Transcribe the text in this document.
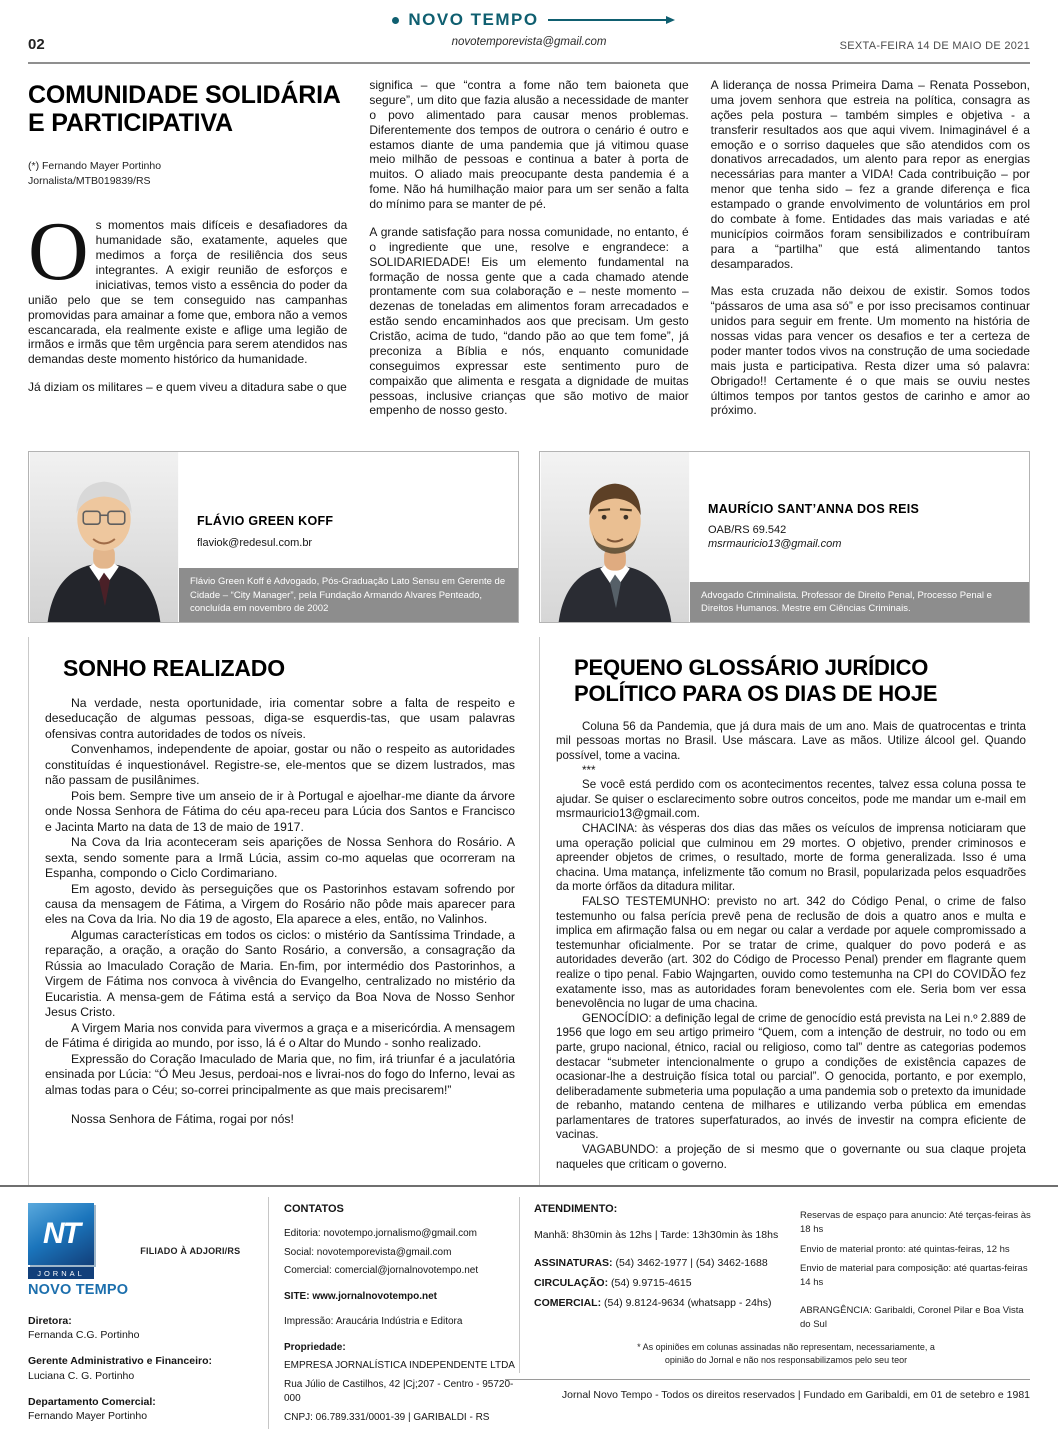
NOVO TEMPO
02	novotemporevista@gmail.com	SEXTA-FEIRA 14 DE MAIO DE 2021
COMUNIDADE SOLIDÁRIA
E PARTICIPATIVA
(*) Fernando Mayer Portinho
Jornalista/MTB019839/RS

Os momentos mais difíceis e desafiadores da humanidade são, exatamente, aqueles que medimos a força de resiliência dos seus integrantes. A exigir reunião de esforços e iniciativas, temos visto a essência do poder da união pelo que se tem conseguido nas campanhas promovidas para amainar a fome que, embora não a vemos escancarada, ela realmente existe e aflige uma legião de irmãos e irmãs que têm urgência para serem atendidos nas demandas deste momento histórico da humanidade.

Já diziam os militares – e quem viveu a ditadura sabe o que

significa – que “contra a fome não tem baioneta que segure”, um dito que fazia alusão a necessidade de manter o povo alimentado para causar menos problemas. Diferentemente dos tempos de outrora o cenário é outro e estamos diante de uma pandemia que já vitimou quase meio milhão de pessoas e continua a bater à porta de muitos. O aliado mais preocupante desta pandemia é a fome. Não há humilhação maior para um ser senão a falta do mínimo para se manter de pé.

A grande satisfação para nossa comunidade, no entanto, é o ingrediente que une, resolve e engrandece: a SOLIDARIEDADE! Eis um elemento fundamental na formação de nossa gente que a cada chamado atende prontamente com sua colaboração e – neste momento – dezenas de toneladas em alimentos foram arrecadados e estão sendo encaminhados aos que precisam. Um gesto Cristão, acima de tudo, “dando pão ao que tem fome”, já preconiza a Bíblia e nós, enquanto comunidade conseguimos expressar este sentimento puro de compaixão que alimenta e resgata a dignidade de muitas pessoas, inclusive crianças que são motivo de maior empenho de nosso gesto.

A liderança de nossa Primeira Dama – Renata Possebon, uma jovem senhora que estreia na política, consagra as ações pela postura – também simples e objetiva - a transferir resultados aos que aqui vivem. Inimaginável é a emoção e o sorriso daqueles que são atendidos com os donativos arrecadados, um alento para repor as energias necessárias para manter a VIDA! Cada contribuição – por menor que tenha sido – fez a grande diferença e fica estampado o grande envolvimento de voluntários em prol do combate à fome. Entidades das mais variadas e até municípios coirmãos foram sensibilizados e contribuíram para a “partilha” que está alimentando tantos desamparados.

Mas esta cruzada não deixou de existir. Somos todos “pássaros de uma asa só” e por isso precisamos continuar unidos para seguir em frente. Um momento na história de nossas vidas para vencer os desafios e ter a certeza de poder manter todos vivos na construção de uma sociedade mais justa e participativa. Resta dizer uma só palavra: Obrigado!! Certamente é o que mais se ouviu nestes últimos tempos por tantos gestos de carinho e amor ao próximo.

FLÁVIO GREEN KOFF
flaviok@redesul.com.br
Flávio Green Koff é Advogado, Pós-Graduação Lato Sensu em Gerente de Cidade – “City Manager”, pela Fundação Armando Alvares Penteado, concluída em novembro de 2002
MAURÍCIO SANT’ANNA DOS REIS
OAB/RS 69.542
msrmauricio13@gmail.com
Advogado Criminalista. Professor de Direito Penal, Processo Penal e Direitos Humanos. Mestre em Ciências Criminais.
SONHO REALIZADO

Na verdade, nesta oportunidade, iria comentar sobre a falta de respeito e deseducação de algumas pessoas, diga-se esquerdis-tas, que usam palavras ofensivas contra autoridades de todos os níveis.

Convenhamos, independente de apoiar, gostar ou não o respeito as autoridades constituídas é inquestionável. Registre-se, ele-mentos que se dizem lustrados, mas não passam de pusilânimes.

Pois bem. Sempre tive um anseio de ir à Portugal e ajoelhar-me diante da árvore onde Nossa Senhora de Fátima do céu apa-receu para Lúcia dos Santos e Francisco e Jacinta Marto na data de 13 de maio de 1917.

Na Cova da Iria aconteceram seis aparições de Nossa Senhora do Rosário. A sexta, sendo somente para a Irmã Lúcia, assim co-mo aquelas que ocorreram na Espanha, compondo o Ciclo Cordimariano.

Em agosto, devido às perseguições que os Pastorinhos estavam sofrendo por causa da mensagem de Fátima, a Virgem do Rosário não pôde mais aparecer para eles na Cova da Iria. No dia 19 de agosto, Ela aparece a eles, então, no Valinhos.

Algumas características em todos os ciclos: o mistério da Santíssima Trindade, a reparação, a oração, a oração do Santo Rosário, a conversão, a consagração da Rússia ao Imaculado Coração de Maria. En-fim, por intermédio dos Pastorinhos, a Virgem de Fátima nos convoca à vivência do Evangelho, centralizado no mistério da Eucaristia. A mensa-gem de Fátima está a serviço da Boa Nova de Nosso Senhor Jesus Cristo.

A Virgem Maria nos convida para vivermos a graça e a misericórdia. A mensagem de Fátima é dirigida ao mundo, por isso, lá é o Altar do Mundo - sonho realizado.

Expressão do Coração Imaculado de Maria que, no fim, irá triunfar é a jaculatória ensinada por Lúcia: “Ó Meu Jesus, perdoai-nos e livrai-nos do fogo do Inferno, levai as almas todas para o Céu; so-correi principalmente as que mais precisarem!”

Nossa Senhora de Fátima, rogai por nós!

PEQUENO GLOSSÁRIO JURÍDICO
POLÍTICO PARA OS DIAS DE HOJE

Coluna 56 da Pandemia, que já dura mais de um ano. Mais de quatrocentas e trinta mil pessoas mortas no Brasil. Use máscara. Lave as mãos. Utilize álcool gel. Quando possível, tome a vacina.

***

Se você está perdido com os acontecimentos recentes, talvez essa coluna possa te ajudar. Se quiser o esclarecimento sobre outros conceitos, pode me mandar um e-mail em msrmauricio13@gmail.com.

CHACINA: às vésperas dos dias das mães os veículos de imprensa noticiaram que uma operação policial que culminou em 29 mortes. O objetivo, prender criminosos e apreender objetos de crimes, o resultado, morte de forma generalizada. Isso é uma chacina. Uma matança, infelizmente tão comum no Brasil, popularizada pelos esquadrões da morte órfãos da ditadura militar.

FALSO TESTEMUNHO: previsto no art. 342 do Código Penal, o crime de falso testemunho ou falsa perícia prevê pena de reclusão de dois a quatro anos e multa e implica em afirmação falsa ou em negar ou calar a verdade por aquele compromissado a testemunhar oficialmente. Por se tratar de crime, qualquer do povo poderá e as autoridades deverão (art. 302 do Código de Processo Penal) prender em flagrante quem realize o tipo penal. Fabio Wajngarten, ouvido como testemunha na CPI do COVIDÃO fez exatamente isso, mas as autoridades foram benevolentes com ele. Seria bom ver essa benevolência no lugar de uma chacina.

GENOCÍDIO: a definição legal de crime de genocídio está prevista na Lei n.º 2.889 de 1956 que logo em seu artigo primeiro “Quem, com a intenção de destruir, no todo ou em parte, grupo nacional, étnico, racial ou religioso, como tal” dentre as categorias podemos destacar “submeter intencionalmente o grupo a condições de existência capazes de ocasionar-lhe a destruição física total ou parcial”. O genocida, portanto, e por exemplo, deliberadamente submeteria uma população a uma pandemia sob o pretexto da imunidade de rebanho, matando centena de milhares e utilizando verba pública em emendas parlamentares de tratores superfaturados, ao invés de investir na compra eficiente de vacinas.

VAGABUNDO: a projeção de si mesmo que o governante ou sua claque projeta naqueles que criticam o governo.

NT
JORNAL
NOVO TEMPO
FILIADO À ADJORI/RS
Diretora:
Fernanda C.G. Portinho
Gerente Administrativo e Financeiro:
Luciana C. G. Portinho
Departamento Comercial:
Fernando Mayer Portinho
CONTATOS
Editoria: novotempo.jornalismo@gmail.com
Social: novotemporevista@gmail.com
Comercial: comercial@jornalnovotempo.net
SITE: www.jornalnovotempo.net
Impressão: Araucária Indústria e Editora
Propriedade:
EMPRESA JORNALÍSTICA INDEPENDENTE LTDA
Rua Júlio de Castilhos, 42 |Cj;207 - Centro - 95720-000
CNPJ: 06.789.331/0001-39 | GARIBALDI - RS
ATENDIMENTO:
Manhã: 8h30min às 12hs | Tarde: 13h30min às 18hs
ASSINATURAS: (54) 3462-1977 | (54) 3462-1688
CIRCULAÇÃO: (54) 9.9715-4615
COMERCIAL: (54) 9.8124-9634 (whatsapp - 24hs)
Reservas de espaço para anuncio: Até terças-feiras às 18 hs
Envio de material pronto: até quintas-feiras, 12 hs
Envio de material para composição: até quartas-feiras 14 hs
ABRANGÊNCIA: Garibaldi, Coronel Pilar e Boa Vista do Sul
* As opiniões em colunas assinadas não representam, necessariamente, a opinião do Jornal e não nos responsabilizamos pelo seu teor
Jornal Novo Tempo - Todos os direitos reservados | Fundado em Garibaldi, em 01 de setebro e 1981
